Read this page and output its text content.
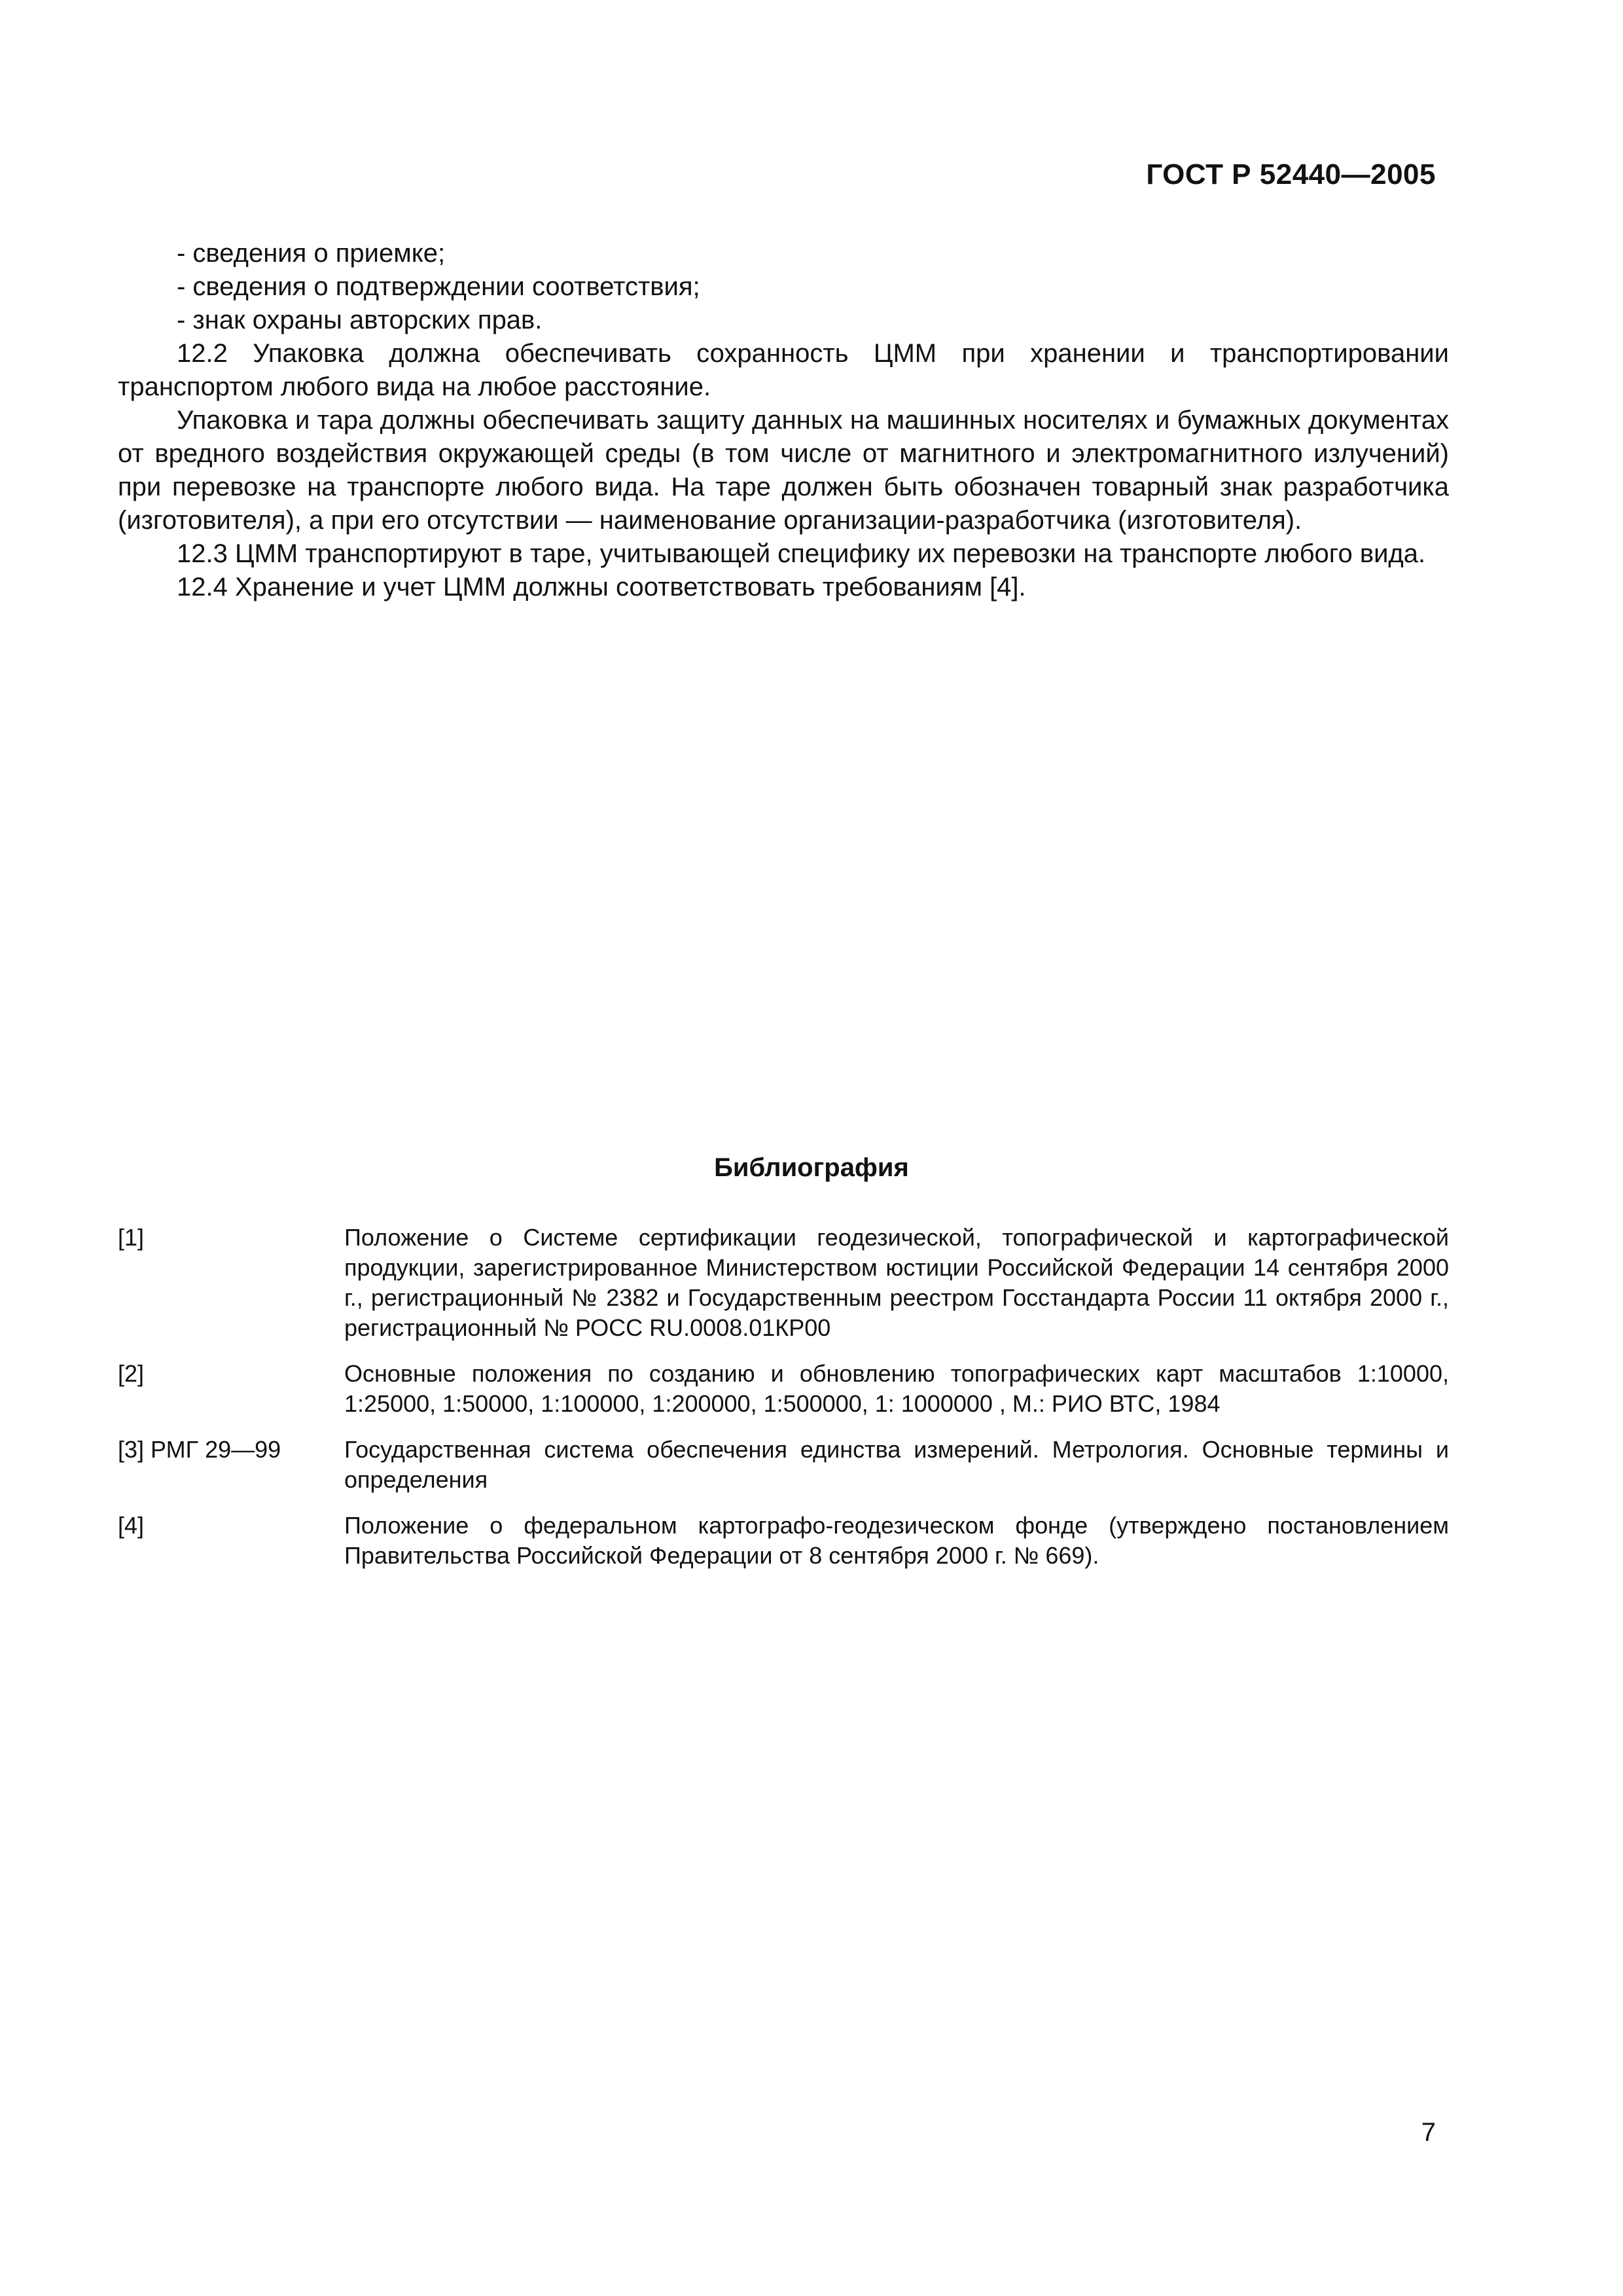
ГОСТ Р 52440—2005

- сведения о приемке;

- сведения о подтверждении соответствия;

- знак охраны авторских прав.

12.2 Упаковка должна обеспечивать сохранность ЦММ при хранении и транспортировании транспортом любого вида на любое расстояние.

Упаковка и тара должны обеспечивать защиту данных на машинных носителях и бумажных документах от вредного воздействия окружающей среды (в том числе от магнитного и электромагнитного излучений) при перевозке на транспорте любого вида. На таре должен быть обозначен товарный знак разработчика (изготовителя), а при его отсутствии — наименование организации-разработчика (изготовителя).

12.3 ЦММ транспортируют в таре, учитывающей специфику их перевозки на транспорте любого вида.

12.4 Хранение и учет ЦММ должны соответствовать требованиям [4].

Библиография
[1]	Положение о Системе сертификации геодезической, топографической и картографической продукции, зарегистрированное Министерством юстиции Российской Федерации 14 сентября 2000 г., регистрационный № 2382 и Государственным реестром Госстандарта России 11 октября 2000 г., регистрационный № РОСС RU.0008.01КР00
[2]	Основные положения по созданию и обновлению топографических карт масштабов 1:10000, 1:25000, 1:50000, 1:100000, 1:200000, 1:500000, 1: 1000000 , М.: РИО ВТС, 1984
[3] РМГ 29—99	Государственная система обеспечения единства измерений. Метрология. Основные термины и определения
[4]	Положение о федеральном картографо-геодезическом фонде (утверждено постановлением Правительства Российской Федерации от 8 сентября 2000 г. № 669).
7
